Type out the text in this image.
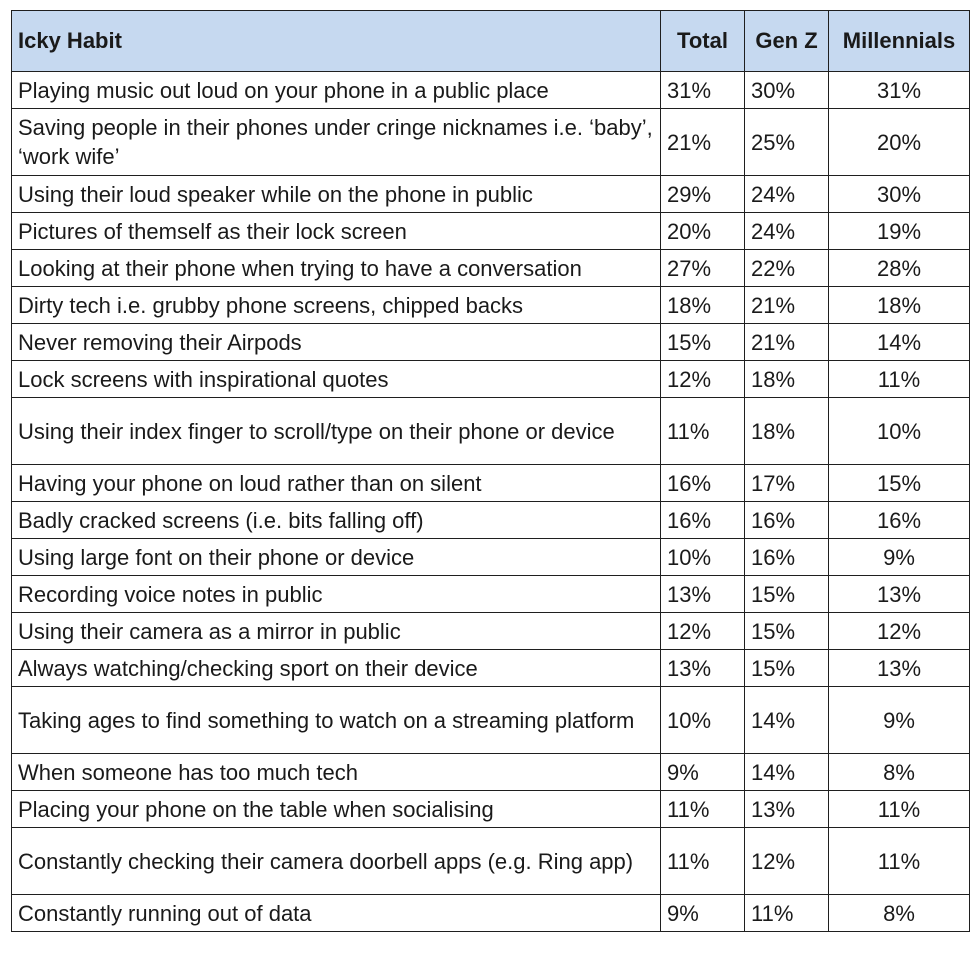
Icky Habit	Total	Gen Z	Millennials
Playing music out loud on your phone in a public place	31%	30%	31%
Saving people in their phones under cringe nicknames i.e. ‘baby’, ‘work wife’	21%	25%	20%
Using their loud speaker while on the phone in public	29%	24%	30%
Pictures of themself as their lock screen	20%	24%	19%
Looking at their phone when trying to have a conversation	27%	22%	28%
Dirty tech i.e. grubby phone screens, chipped backs	18%	21%	18%
Never removing their Airpods	15%	21%	14%
Lock screens with inspirational quotes	12%	18%	11%
Using their index finger to scroll/type on their phone or device	11%	18%	10%
Having your phone on loud rather than on silent	16%	17%	15%
Badly cracked screens (i.e. bits falling off)	16%	16%	16%
Using large font on their phone or device	10%	16%	9%
Recording voice notes in public	13%	15%	13%
Using their camera as a mirror in public	12%	15%	12%
Always watching/checking sport on their device	13%	15%	13%
Taking ages to find something to watch on a streaming platform	10%	14%	9%
When someone has too much tech	9%	14%	8%
Placing your phone on the table when socialising	11%	13%	11%
Constantly checking their camera doorbell apps (e.g. Ring app)	11%	12%	11%
Constantly running out of data	9%	11%	8%
